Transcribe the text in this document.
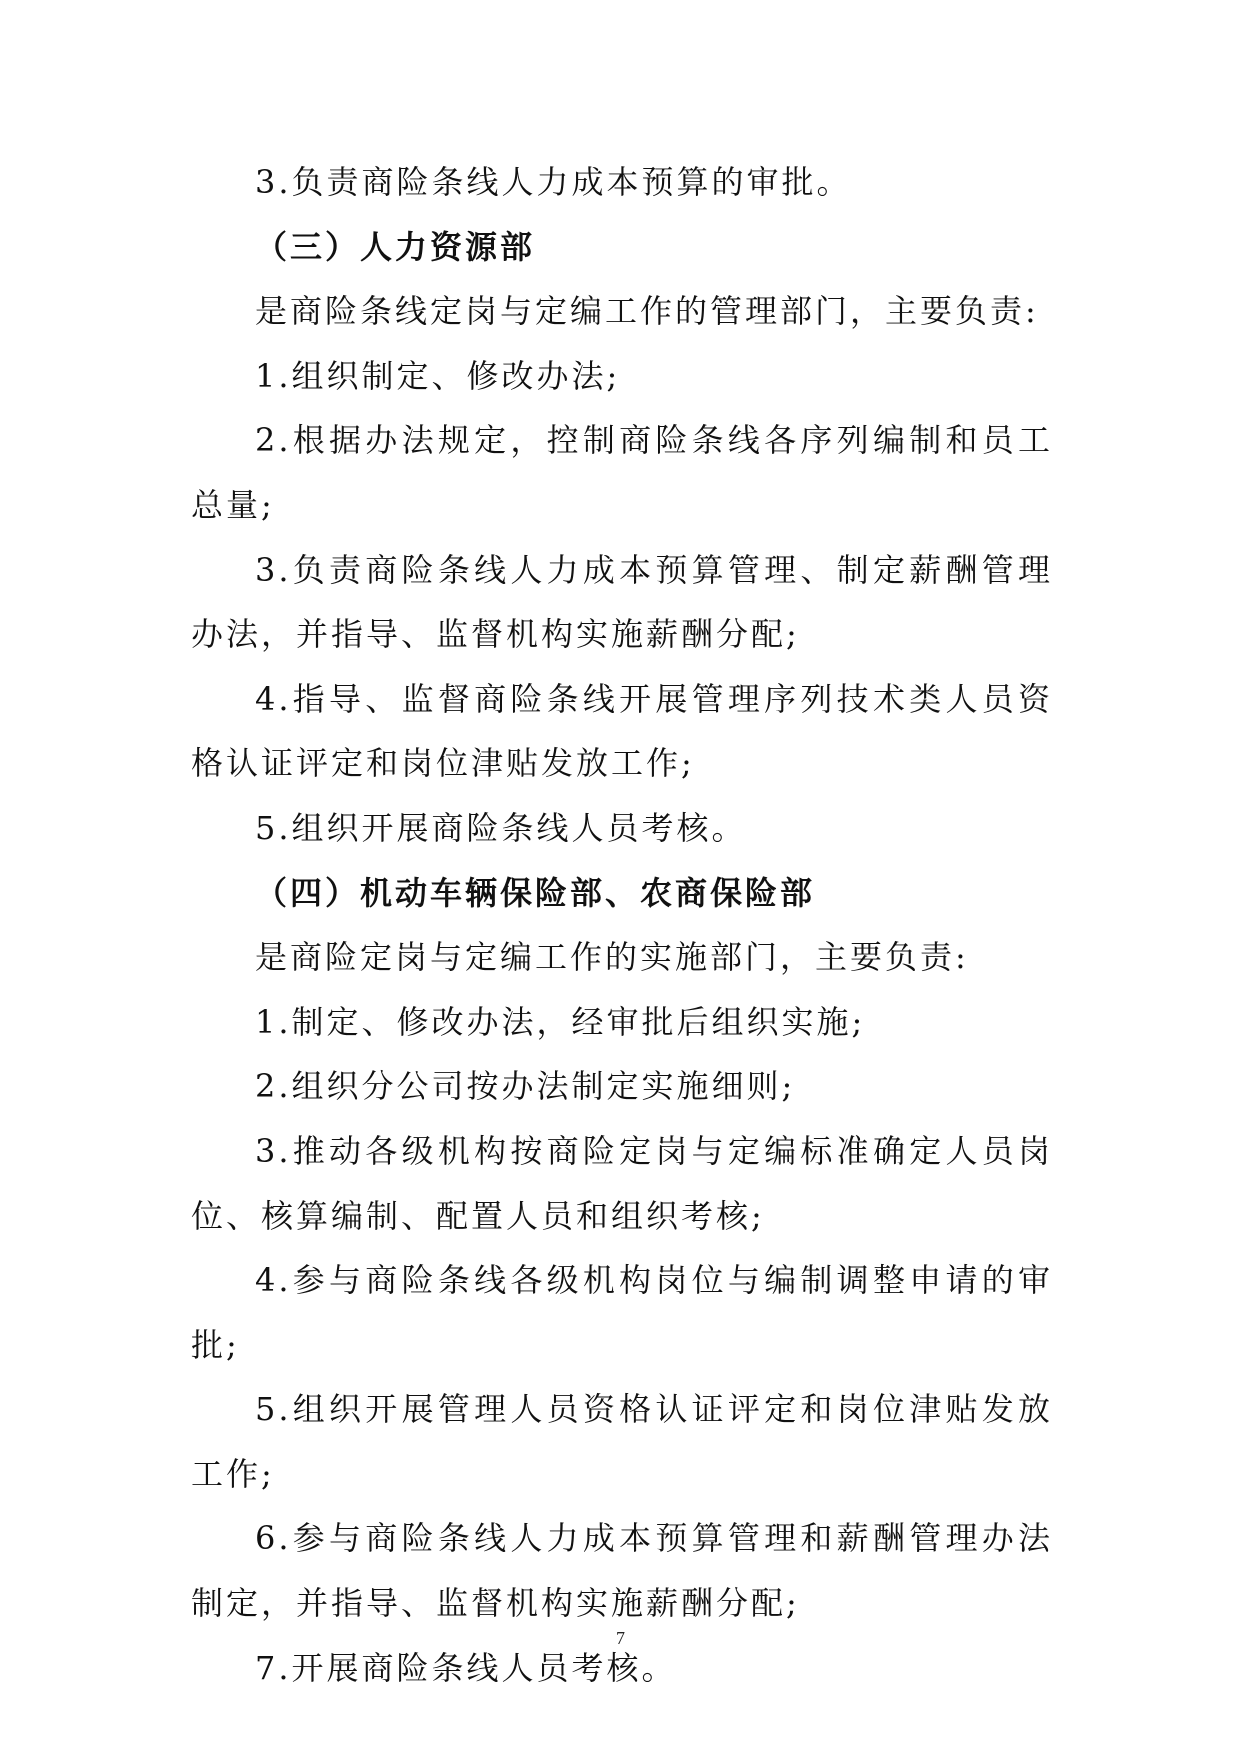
3.负责商险条线人力成本预算的审批。

（三）人力资源部

是商险条线定岗与定编工作的管理部门，主要负责:

1.组织制定、修改办法;

2.根据办法规定，控制商险条线各序列编制和员工总量;

3.负责商险条线人力成本预算管理、制定薪酬管理办法，并指导、监督机构实施薪酬分配;

4.指导、监督商险条线开展管理序列技术类人员资格认证评定和岗位津贴发放工作;

5.组织开展商险条线人员考核。

（四）机动车辆保险部、农商保险部

是商险定岗与定编工作的实施部门，主要负责:

1.制定、修改办法，经审批后组织实施;

2.组织分公司按办法制定实施细则;

3.推动各级机构按商险定岗与定编标准确定人员岗位、核算编制、配置人员和组织考核;

4.参与商险条线各级机构岗位与编制调整申请的审批;

5.组织开展管理人员资格认证评定和岗位津贴发放工作;

6.参与商险条线人力成本预算管理和薪酬管理办法制定，并指导、监督机构实施薪酬分配;

7.开展商险条线人员考核。

7
